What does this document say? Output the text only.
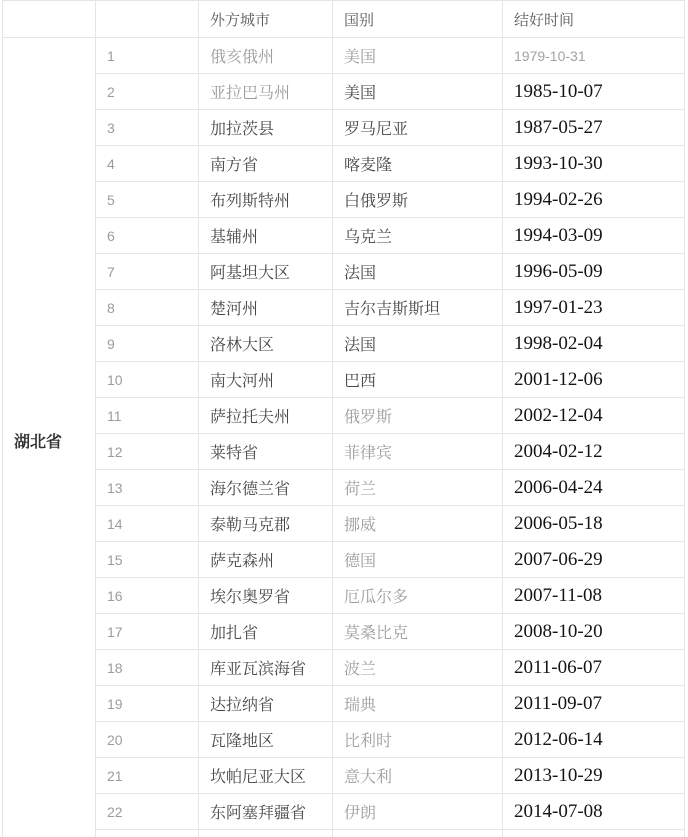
		外方城市	国别	结好时间
湖北省	1	俄亥俄州	美国	1979-10-31
	2	亚拉巴马州	美国	1985-10-07
	3	加拉茨县	罗马尼亚	1987-05-27
	4	南方省	喀麦隆	1993-10-30
	5	布列斯特州	白俄罗斯	1994-02-26
	6	基辅州	乌克兰	1994-03-09
	7	阿基坦大区	法国	1996-05-09
	8	楚河州	吉尔吉斯斯坦	1997-01-23
	9	洛林大区	法国	1998-02-04
	10	南大河州	巴西	2001-12-06
	11	萨拉托夫州	俄罗斯	2002-12-04
	12	莱特省	菲律宾	2004-02-12
	13	海尔德兰省	荷兰	2006-04-24
	14	泰勒马克郡	挪威	2006-05-18
	15	萨克森州	德国	2007-06-29
	16	埃尔奥罗省	厄瓜尔多	2007-11-08
	17	加扎省	莫桑比克	2008-10-20
	18	库亚瓦滨海省	波兰	2011-06-07
	19	达拉纳省	瑞典	2011-09-07
	20	瓦隆地区	比利时	2012-06-14
	21	坎帕尼亚大区	意大利	2013-10-29
	22	东阿塞拜疆省	伊朗	2014-07-08
